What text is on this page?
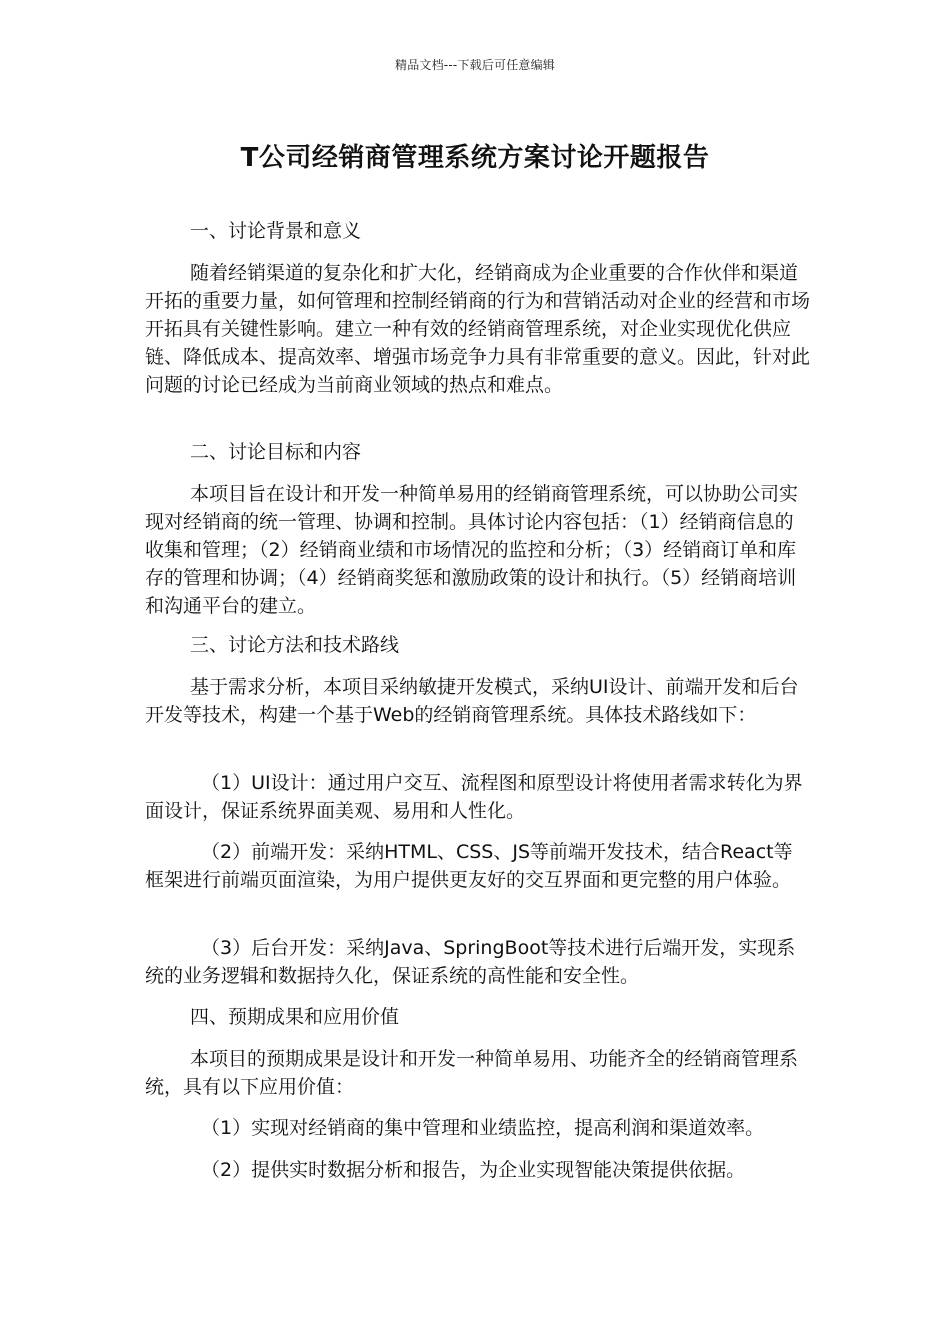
精品文档---下载后可任意编辑
T公司经销商管理系统方案讨论开题报告

一、讨论背景和意义

随着经销渠道的复杂化和扩大化，经销商成为企业重要的合作伙伴和渠道开拓的重要力量，如何管理和控制经销商的行为和营销活动对企业的经营和市场开拓具有关键性影响。建立一种有效的经销商管理系统，对企业实现优化供应链、降低成本、提高效率、增强市场竞争力具有非常重要的意义。因此，针对此问题的讨论已经成为当前商业领域的热点和难点。

二、讨论目标和内容

本项目旨在设计和开发一种简单易用的经销商管理系统，可以协助公司实现对经销商的统一管理、协调和控制。具体讨论内容包括：（1）经销商信息的收集和管理；（2）经销商业绩和市场情况的监控和分析；（3）经销商订单和库存的管理和协调；（4）经销商奖惩和激励政策的设计和执行。（5）经销商培训和沟通平台的建立。

三、讨论方法和技术路线

基于需求分析，本项目采纳敏捷开发模式，采纳UI设计、前端开发和后台开发等技术，构建一个基于Web的经销商管理系统。具体技术路线如下：

（1）UI设计：通过用户交互、流程图和原型设计将使用者需求转化为界面设计，保证系统界面美观、易用和人性化。

（2）前端开发：采纳HTML、CSS、JS等前端开发技术，结合React等框架进行前端页面渲染，为用户提供更友好的交互界面和更完整的用户体验。

（3）后台开发：采纳Java、SpringBoot等技术进行后端开发，实现系统的业务逻辑和数据持久化，保证系统的高性能和安全性。

四、预期成果和应用价值

本项目的预期成果是设计和开发一种简单易用、功能齐全的经销商管理系统，具有以下应用价值：

（1）实现对经销商的集中管理和业绩监控，提高利润和渠道效率。

（2）提供实时数据分析和报告，为企业实现智能决策提供依据。
